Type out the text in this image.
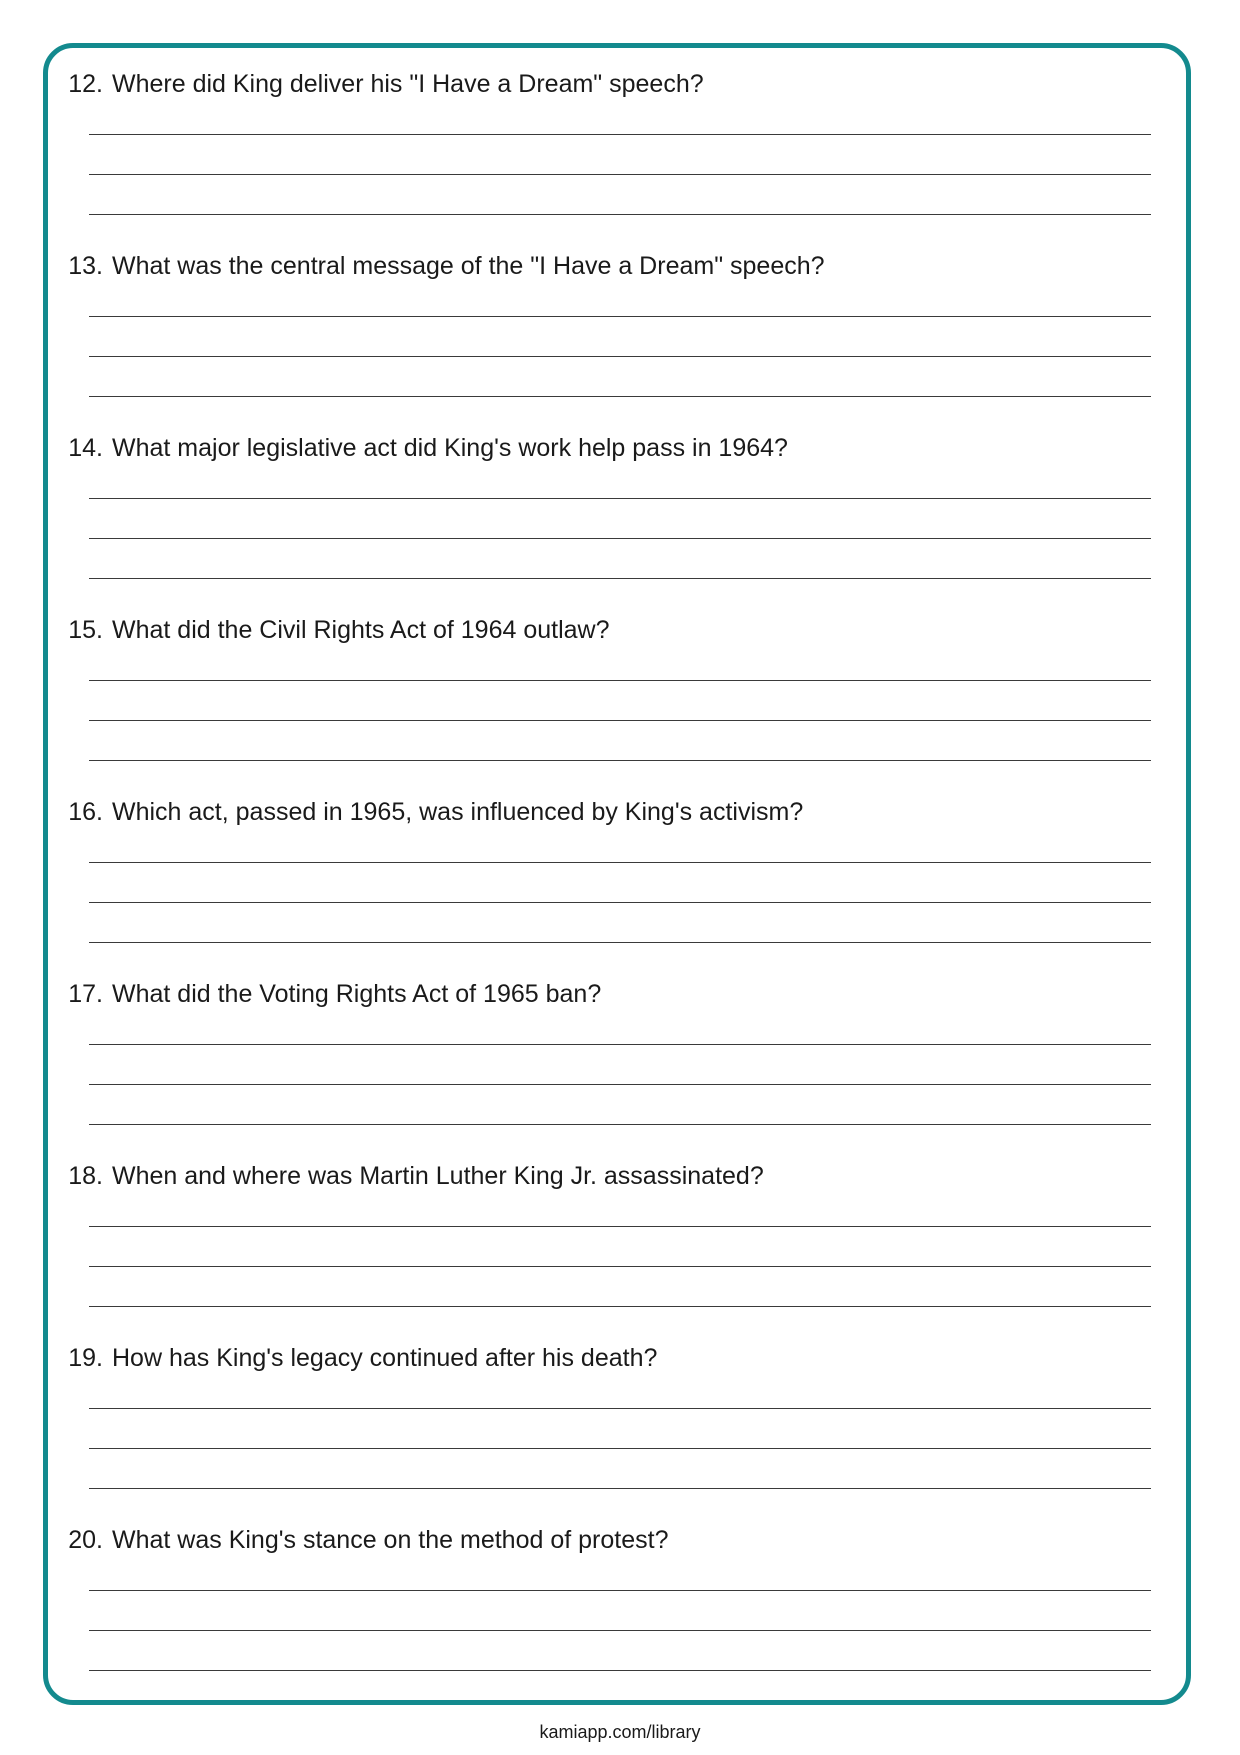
12. Where did King deliver his "I Have a Dream" speech?
13. What was the central message of the "I Have a Dream" speech?
14. What major legislative act did King's work help pass in 1964?
15. What did the Civil Rights Act of 1964 outlaw?
16. Which act, passed in 1965, was influenced by King's activism?
17. What did the Voting Rights Act of 1965 ban?
18. When and where was Martin Luther King Jr. assassinated?
19. How has King's legacy continued after his death?
20. What was King's stance on the method of protest?
kamiapp.com/library
